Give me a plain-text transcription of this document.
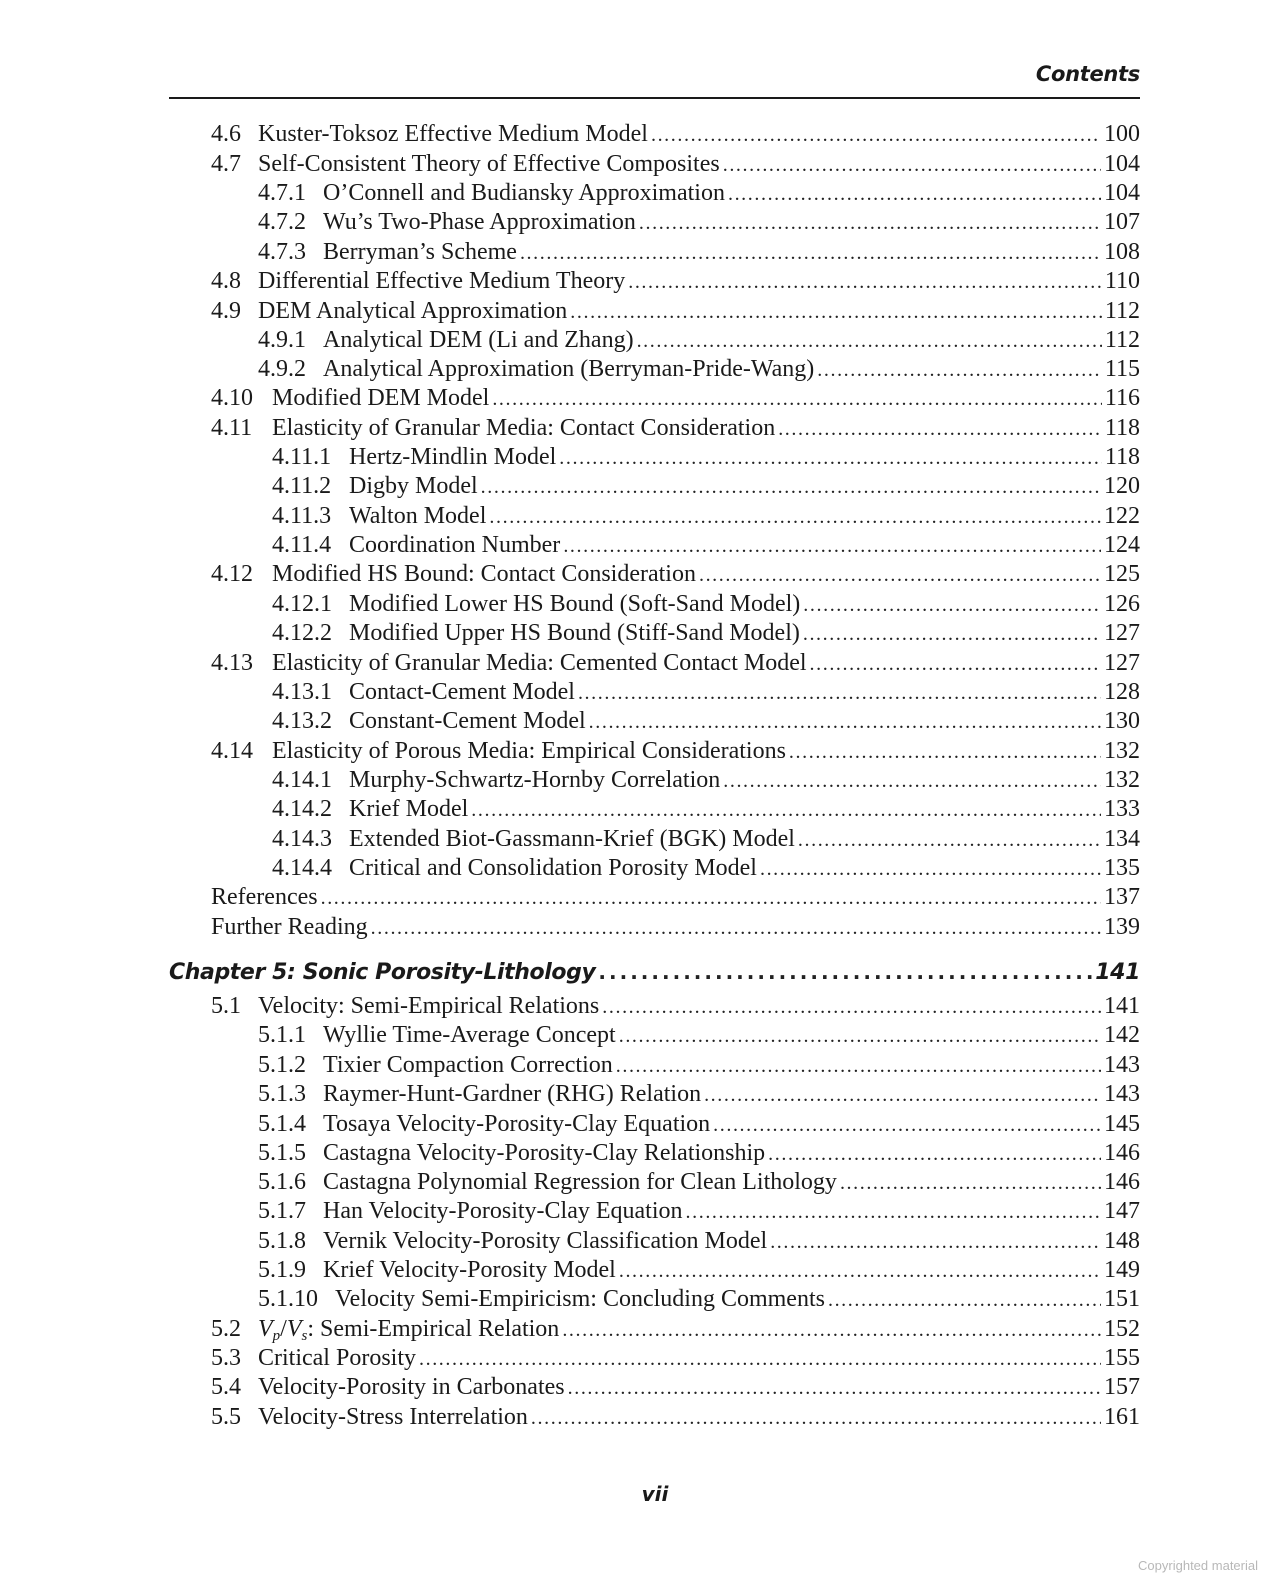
Contents
4.6 Kuster-Toksoz Effective Medium Model .....	100
4.7 Self-Consistent Theory of Effective Composites .....	104
4.7.1 O’Connell and Budiansky Approximation .....	104
4.7.2 Wu’s Two-Phase Approximation .....	107
4.7.3 Berryman’s Scheme .....	108
4.8 Differential Effective Medium Theory .....	110
4.9 DEM Analytical Approximation .....	112
4.9.1 Analytical DEM (Li and Zhang) .....	112
4.9.2 Analytical Approximation (Berryman-Pride-Wang) .....	115
4.10 Modified DEM Model .....	116
4.11 Elasticity of Granular Media: Contact Consideration .....	118
4.11.1 Hertz-Mindlin Model .....	118
4.11.2 Digby Model .....	120
4.11.3 Walton Model .....	122
4.11.4 Coordination Number .....	124
4.12 Modified HS Bound: Contact Consideration .....	125
4.12.1 Modified Lower HS Bound (Soft-Sand Model) .....	126
4.12.2 Modified Upper HS Bound (Stiff-Sand Model) .....	127
4.13 Elasticity of Granular Media: Cemented Contact Model .....	127
4.13.1 Contact-Cement Model .....	128
4.13.2 Constant-Cement Model .....	130
4.14 Elasticity of Porous Media: Empirical Considerations .....	132
4.14.1 Murphy-Schwartz-Hornby Correlation .....	132
4.14.2 Krief Model .....	133
4.14.3 Extended Biot-Gassmann-Krief (BGK) Model .....	134
4.14.4 Critical and Consolidation Porosity Model .....	135
References .....	137
Further Reading .....	139
Chapter 5: Sonic Porosity-Lithology .....	141
5.1 Velocity: Semi-Empirical Relations .....	141
5.1.1 Wyllie Time-Average Concept .....	142
5.1.2 Tixier Compaction Correction .....	143
5.1.3 Raymer-Hunt-Gardner (RHG) Relation .....	143
5.1.4 Tosaya Velocity-Porosity-Clay Equation .....	145
5.1.5 Castagna Velocity-Porosity-Clay Relationship .....	146
5.1.6 Castagna Polynomial Regression for Clean Lithology .....	146
5.1.7 Han Velocity-Porosity-Clay Equation .....	147
5.1.8 Vernik Velocity-Porosity Classification Model .....	148
5.1.9 Krief Velocity-Porosity Model .....	149
5.1.10 Velocity Semi-Empiricism: Concluding Comments .....	151
5.2 $V_p/V_s$: Semi-Empirical Relation .....	152
5.3 Critical Porosity .....	155
5.4 Velocity-Porosity in Carbonates .....	157
5.5 Velocity-Stress Interrelation .....	161
vii
Copyrighted material
